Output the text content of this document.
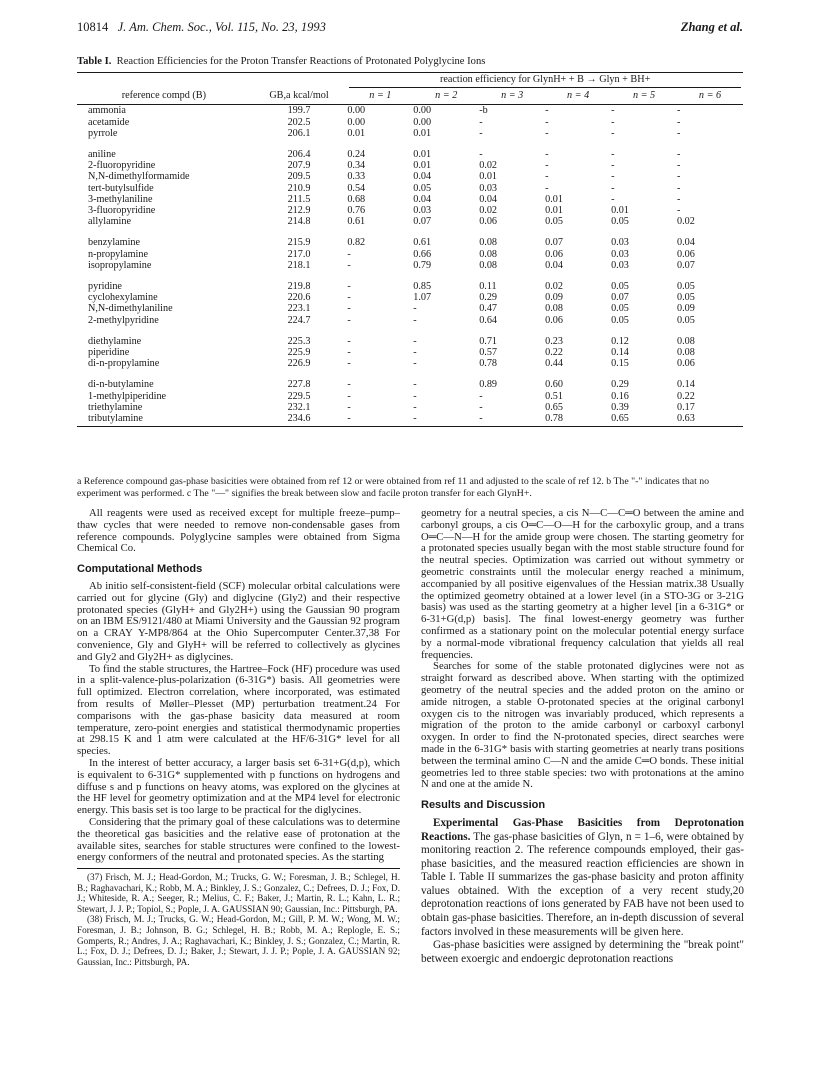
10814 J. Am. Chem. Soc., Vol. 115, No. 23, 1993	Zhang et al.
Table I. Reaction Efficiencies for the Proton Transfer Reactions of Protonated Polyglycine Ions

		reaction efficiency for GlynH+ + B → Glyn + BH+					
reference compd (B)	GB,a kcal/mol	n = 1	n = 2	n = 3	n = 4	n = 5	n = 6
ammonia	199.7	0.00	0.00	-b	-	-	-
acetamide	202.5	0.00	0.00	-	-	-	-
pyrrole	206.1	0.01	0.01	-	-	-	-

aniline	206.4	0.24	0.01	-	-	-	-
2-fluoropyridine	207.9	0.34	0.01	0.02	-	-	-
N,N-dimethylformamide	209.5	0.33	0.04	0.01	-	-	-
tert-butylsulfide	210.9	0.54	0.05	0.03	-	-	-
3-methylaniline	211.5	0.68	0.04	0.04	0.01	-	-
3-fluoropyridine	212.9	0.76	0.03	0.02	0.01	0.01	-
allylamine	214.8	0.61	0.07	0.06	0.05	0.05	0.02

benzylamine	215.9	0.82	0.61	0.08	0.07	0.03	0.04
n-propylamine	217.0	-	0.66	0.08	0.06	0.03	0.06
isopropylamine	218.1	-	0.79	0.08	0.04	0.03	0.07

pyridine	219.8	-	0.85	0.11	0.02	0.05	0.05
cyclohexylamine	220.6	-	1.07	0.29	0.09	0.07	0.05
N,N-dimethylaniline	223.1	-	-	0.47	0.08	0.05	0.09
2-methylpyridine	224.7	-	-	0.64	0.06	0.05	0.05

diethylamine	225.3	-	-	0.71	0.23	0.12	0.08
piperidine	225.9	-	-	0.57	0.22	0.14	0.08
di-n-propylamine	226.9	-	-	0.78	0.44	0.15	0.06

di-n-butylamine	227.8	-	-	0.89	0.60	0.29	0.14
1-methylpiperidine	229.5	-	-	-	0.51	0.16	0.22
triethylamine	232.1	-	-	-	0.65	0.39	0.17
tributylamine	234.6	-	-	-	0.78	0.65	0.63
a Reference compound gas-phase basicities were obtained from ref 12 or were obtained from ref 11 and adjusted to the scale of ref 12. b The "-" indicates that no experiment was performed. c The "—" signifies the break between slow and facile proton transfer for each GlynH+.

All reagents were used as received except for multiple freeze–pump–thaw cycles that were needed to remove non-condensable gases from reference compounds. Polyglycine samples were obtained from Sigma Chemical Co.

Computational Methods

Ab initio self-consistent-field (SCF) molecular orbital calculations were carried out for glycine (Gly) and diglycine (Gly2) and their respective protonated species (GlyH+ and Gly2H+) using the Gaussian 90 program on an IBM ES/9121/480 at Miami University and the Gaussian 92 program on a CRAY Y-MP8/864 at the Ohio Supercomputer Center.37,38 For convenience, Gly and GlyH+ will be referred to collectively as glycines and Gly2 and Gly2H+ as diglycines.

To find the stable structures, the Hartree–Fock (HF) procedure was used in a split-valence-plus-polarization (6-31G*) basis. All geometries were full optimized. Electron correlation, where incorporated, was estimated from results of Møller–Plesset (MP) perturbation treatment.24 For comparisons with the gas-phase basicity data measured at room temperature, zero-point energies and statistical thermodynamic properties at 298.15 K and 1 atm were calculated at the HF/6-31G* level for all species.

In the interest of better accuracy, a larger basis set 6-31+G(d,p), which is equivalent to 6-31G* supplemented with p functions on hydrogens and diffuse s and p functions on heavy atoms, was explored on the glycines at the HF level for geometry optimization and at the MP4 level for electronic energy. This basis set is too large to be practical for the diglycines.

Considering that the primary goal of these calculations was to determine the theoretical gas basicities and the relative ease of protonation at the available sites, searches for stable structures were confined to the lowest-energy conformers of the neutral and protonated species. As the starting

(37) Frisch, M. J.; Head-Gordon, M.; Trucks, G. W.; Foresman, J. B.; Schlegel, H. B.; Raghavachari, K.; Robb, M. A.; Binkley, J. S.; Gonzalez, C.; Defrees, D. J.; Fox, D. J.; Whiteside, R. A.; Seeger, R.; Melius, C. F.; Baker, J.; Martin, R. L.; Kahn, L. R.; Stewart, J. J. P.; Topiol, S.; Pople, J. A. GAUSSIAN 90; Gaussian, Inc.: Pittsburgh, PA.

(38) Frisch, M. J.; Trucks, G. W.; Head-Gordon, M.; Gill, P. M. W.; Wong, M. W.; Foresman, J. B.; Johnson, B. G.; Schlegel, H. B.; Robb, M. A.; Replogle, E. S.; Gomperts, R.; Andres, J. A.; Raghavachari, K.; Binkley, J. S.; Gonzalez, C.; Martin, R. L.; Fox, D. J.; Defrees, D. J.; Baker, J.; Stewart, J. J. P.; Pople, J. A. GAUSSIAN 92; Gaussian, Inc.: Pittsburgh, PA.

geometry for a neutral species, a cis N—C—C═O between the amine and carbonyl groups, a cis O═C—O—H for the carboxylic group, and a trans O═C—N—H for the amide group were chosen. The starting geometry for a protonated species usually began with the most stable structure found for the neutral species. Optimization was carried out without symmetry or geometric constraints until the molecular energy reached a minimum, accompanied by all positive eigenvalues of the Hessian matrix.38 Usually the optimized geometry obtained at a lower level (in a STO-3G or 3-21G basis) was used as the starting geometry at a higher level [in a 6-31G* or 6-31+G(d,p) basis]. The final lowest-energy geometry was further confirmed as a stationary point on the molecular potential energy surface by a normal-mode vibrational frequency calculation that yields all real frequencies.

Searches for some of the stable protonated diglycines were not as straight forward as described above. When starting with the optimized geometry of the neutral species and the added proton on the amino or amide nitrogen, a stable O-protonated species at the original carbonyl oxygen cis to the nitrogen was invariably produced, which represents a migration of the proton to the amide carbonyl or carboxyl carbonyl oxygen. In order to find the N-protonated species, direct searches were made in the 6-31G* basis with starting geometries at nearly trans positions between the terminal amino C—N and the amide C═O bonds. These initial geometries led to three stable species: two with protonations at the amino N and one at the amide N.

Results and Discussion

Experimental Gas-Phase Basicities from Deprotonation Reactions. The gas-phase basicities of Glyn, n = 1–6, were obtained by monitoring reaction 2. The reference compounds employed, their gas-phase basicities, and the measured reaction efficiencies are shown in Table I. Table II summarizes the gas-phase basicity and proton affinity values obtained. With the exception of a very recent study,20 deprotonation reactions of ions generated by FAB have not been used to obtain gas-phase basicities. Therefore, an in-depth discussion of several factors involved in these measurements will be given here.

Gas-phase basicities were assigned by determining the "break point" between exoergic and endoergic deprotonation reactions
